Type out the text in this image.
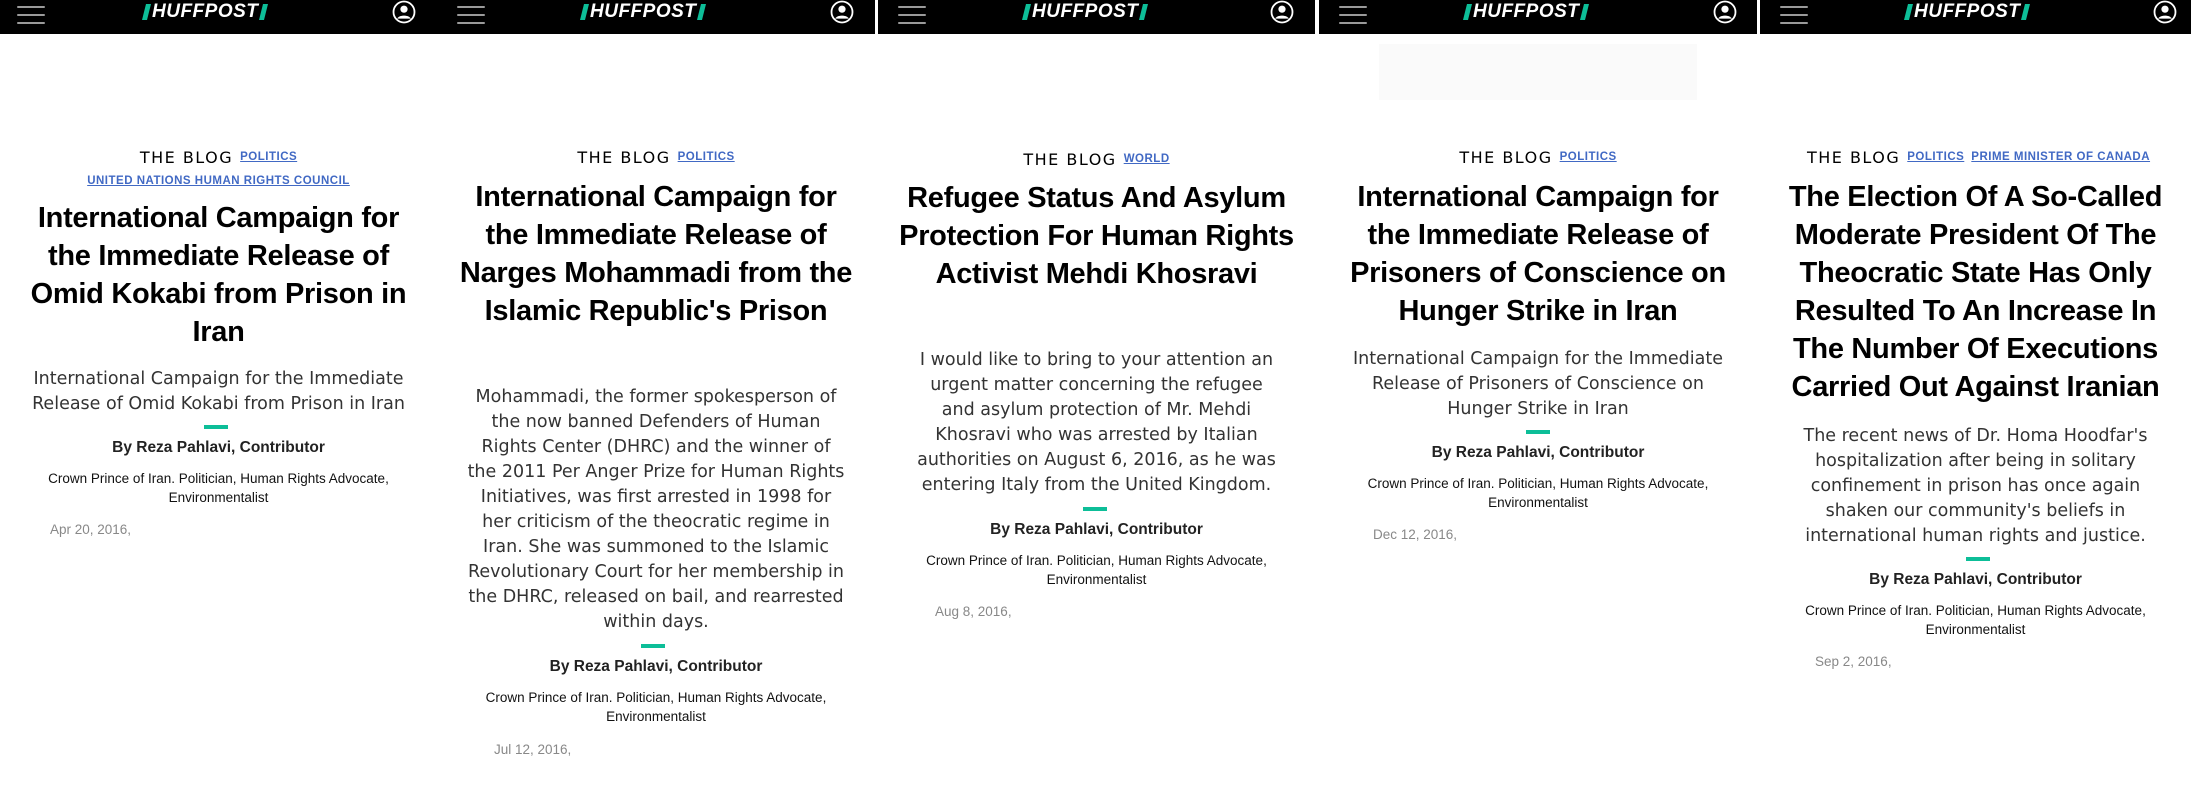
HUFFPOST
THE BLOG POLITICS
UNITED NATIONS HUMAN RIGHTS COUNCIL
International Campaign for the Immediate Release of Omid Kokabi from Prison in Iran
International Campaign for the Immediate Release of Omid Kokabi from Prison in Iran
By Reza Pahlavi, Contributor
Crown Prince of Iran. Politician, Human Rights Advocate, Environmentalist
Apr 20, 2016,
HUFFPOST
THE BLOG POLITICS
International Campaign for the Immediate Release of Narges Mohammadi from the Islamic Republic's Prison
Mohammadi, the former spokesperson of the now banned Defenders of Human Rights Center (DHRC) and the winner of the 2011 Per Anger Prize for Human Rights Initiatives, was first arrested in 1998 for her criticism of the theocratic regime in Iran. She was summoned to the Islamic Revolutionary Court for her membership in the DHRC, released on bail, and rearrested within days.
By Reza Pahlavi, Contributor
Crown Prince of Iran. Politician, Human Rights Advocate, Environmentalist
Jul 12, 2016,
HUFFPOST
THE BLOG WORLD
Refugee Status And Asylum Protection For Human Rights Activist Mehdi Khosravi
I would like to bring to your attention an urgent matter concerning the refugee and asylum protection of Mr. Mehdi Khosravi who was arrested by Italian authorities on August 6, 2016, as he was entering Italy from the United Kingdom.
By Reza Pahlavi, Contributor
Crown Prince of Iran. Politician, Human Rights Advocate, Environmentalist
Aug 8, 2016,
HUFFPOST
THE BLOG POLITICS
International Campaign for the Immediate Release of Prisoners of Conscience on Hunger Strike in Iran
International Campaign for the Immediate Release of Prisoners of Conscience on Hunger Strike in Iran
By Reza Pahlavi, Contributor
Crown Prince of Iran. Politician, Human Rights Advocate, Environmentalist
Dec 12, 2016,
HUFFPOST
THE BLOG POLITICS PRIME MINISTER OF CANADA
The Election Of A So-Called Moderate President Of The Theocratic State Has Only Resulted To An Increase In The Number Of Executions Carried Out Against Iranian
The recent news of Dr. Homa Hoodfar's hospitalization after being in solitary confinement in prison has once again shaken our community's beliefs in international human rights and justice.
By Reza Pahlavi, Contributor
Crown Prince of Iran. Politician, Human Rights Advocate, Environmentalist
Sep 2, 2016,
